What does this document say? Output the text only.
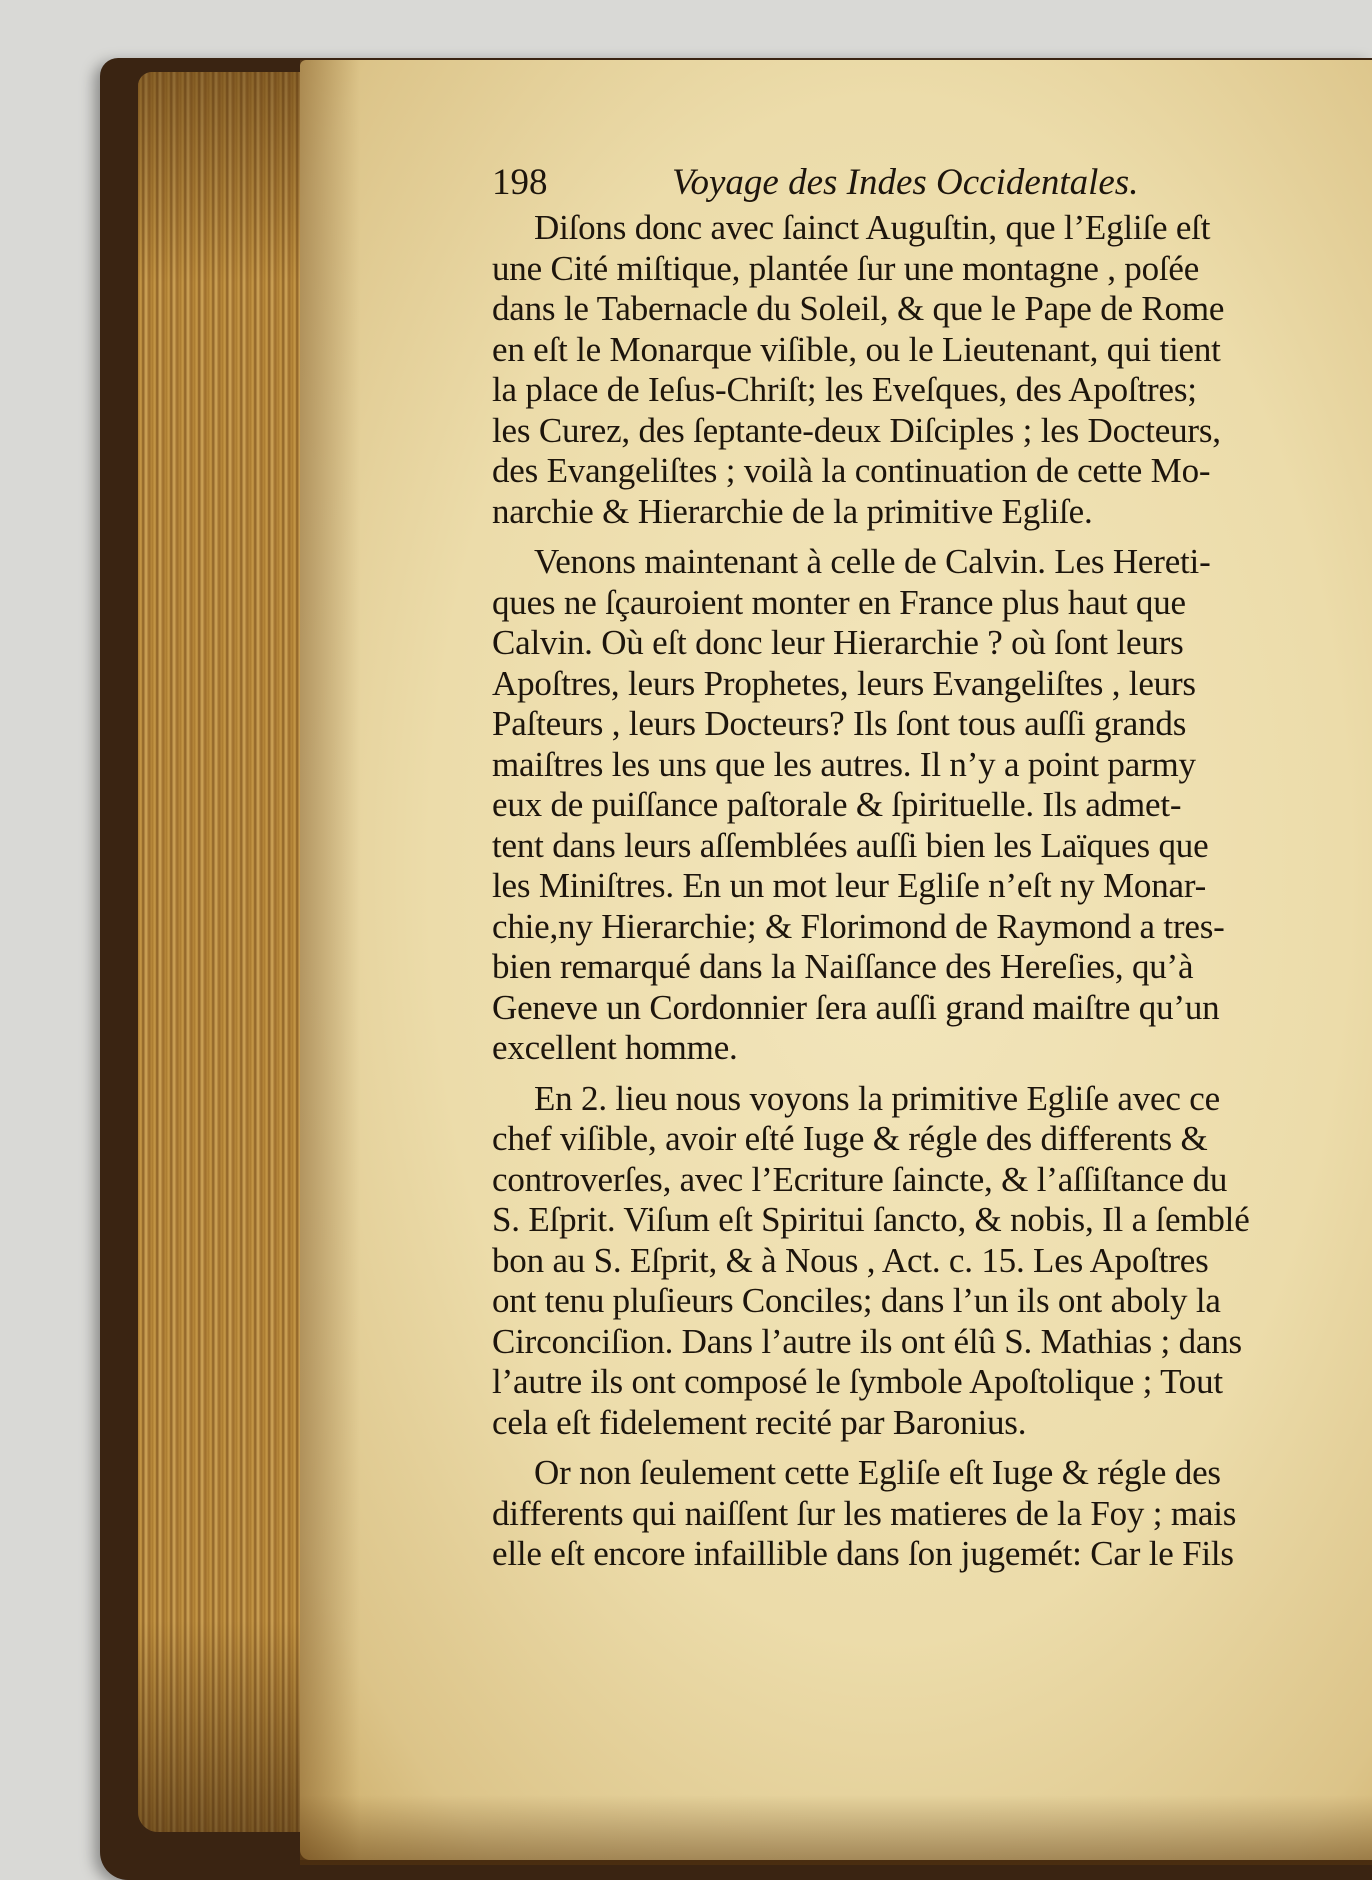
198	Voyage des Indes Occidentales.
Diſons donc avec ſainct Auguſtin, que l’Egliſe eſt
une Cité miſtique, plantée ſur une montagne , poſée
dans le Tabernacle du Soleil, & que le Pape de Rome
en eſt le Monarque viſible, ou le Lieutenant, qui tient
la place de Ieſus-Chriſt; les Eveſques, des Apoſtres;
les Curez, des ſeptante-deux Diſciples ; les Docteurs,
des Evangeliſtes ; voilà la continuation de cette Mo-
narchie & Hierarchie de la primitive Egliſe.
Venons maintenant à celle de Calvin. Les Hereti-
ques ne ſçauroient monter en France plus haut que
Calvin. Où eſt donc leur Hierarchie ? où ſont leurs
Apoſtres, leurs Prophetes, leurs Evangeliſtes , leurs
Paſteurs , leurs Docteurs? Ils ſont tous auſſi grands
maiſtres les uns que les autres. Il n’y a point parmy
eux de puiſſance paſtorale & ſpirituelle. Ils admet-
tent dans leurs aſſemblées auſſi bien les Laïques que
les Miniſtres. En un mot leur Egliſe n’eſt ny Monar-
chie,ny Hierarchie; & Florimond de Raymond a tres-
bien remarqué dans la Naiſſance des Hereſies, qu’à
Geneve un Cordonnier ſera auſſi grand maiſtre qu’un
excellent homme.
En 2. lieu nous voyons la primitive Egliſe avec ce
chef viſible, avoir eſté Iuge & régle des differents &
controverſes, avec l’Ecriture ſaincte, & l’aſſiſtance du
S. Eſprit. Viſum eſt Spiritui ſancto, & nobis, Il a ſemblé
bon au S. Eſprit, & à Nous , Act. c. 15. Les Apoſtres
ont tenu pluſieurs Conciles; dans l’un ils ont aboly la
Circonciſion. Dans l’autre ils ont élû S. Mathias ; dans
l’autre ils ont composé le ſymbole Apoſtolique ; Tout
cela eſt fidelement recité par Baronius.
Or non ſeulement cette Egliſe eſt Iuge & régle des
differents qui naiſſent ſur les matieres de la Foy ; mais
elle eſt encore infaillible dans ſon jugemét: Car le Fils
